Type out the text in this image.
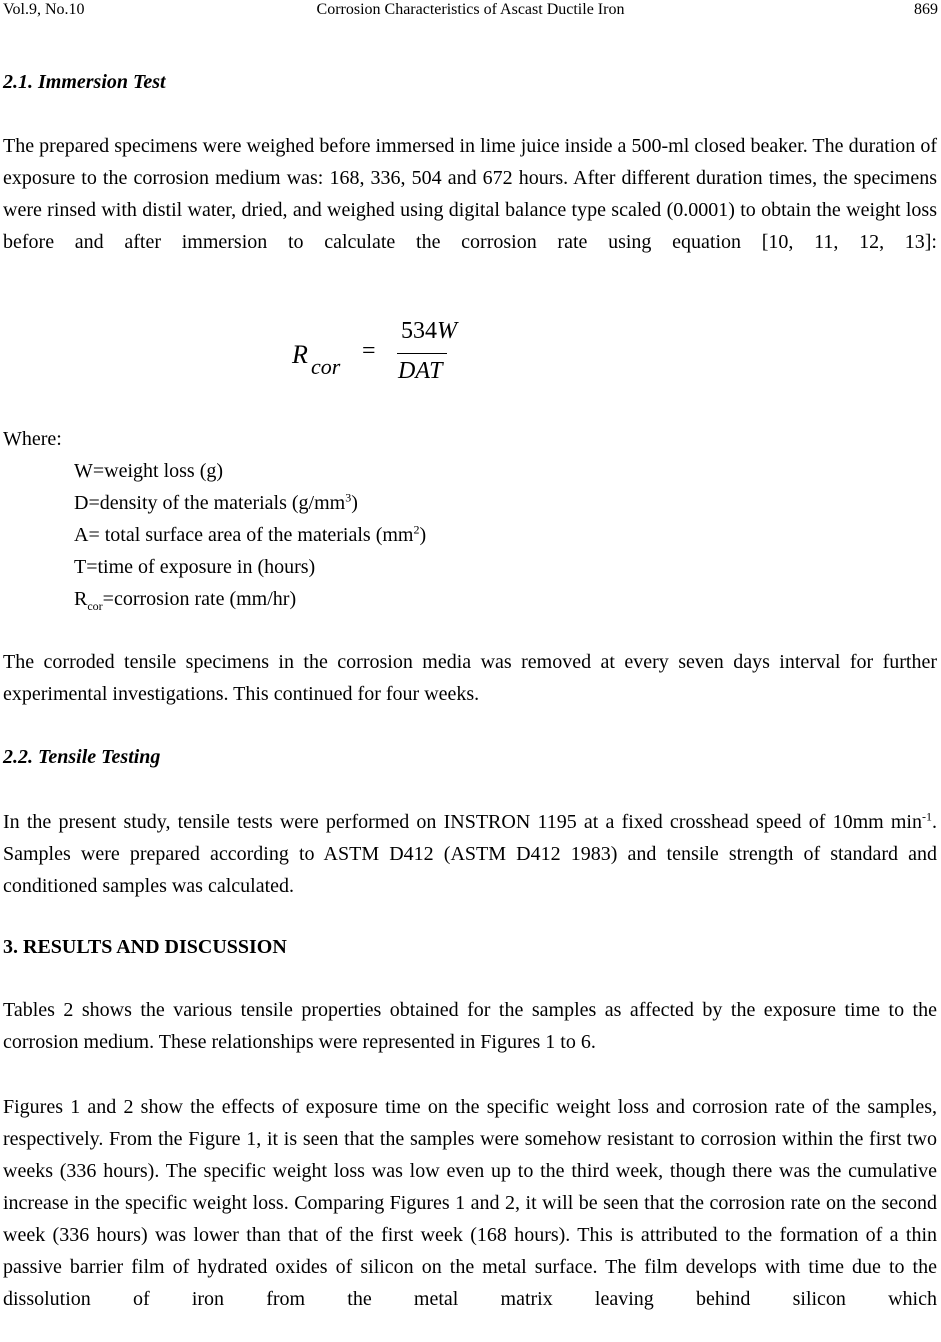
Vol.9, No.10	Corrosion Characteristics of Ascast Ductile Iron	869
2.1. Immersion Test
The prepared specimens were weighed before immersed in lime juice inside a 500-ml closed beaker. The duration of exposure to the corrosion medium was: 168, 336, 504 and 672 hours. After different duration times, the specimens were rinsed with distil water, dried, and weighed using digital balance type scaled (0.0001) to obtain the weight loss before and after immersion to calculate the corrosion rate using equation [10, 11, 12, 13]:
R cor
=
534W
DAT
Where:
W=weight loss (g)
D=density of the materials $(g/mm^3)$
A= total surface area of the materials $(mm^2)$
T=time of exposure in (hours)
$R_{cor}=corrosion$ rate (mm/hr)
The corroded tensile specimens in the corrosion media was removed at every seven days interval for further experimental investigations. This continued for four weeks.
2.2. Tensile Testing
In the present study, tensile tests were performed on INSTRON 1195 at a fixed crosshead speed of 10mm $\min^{-1}$. Samples were prepared according to ASTM D412 (ASTM D412 1983) and tensile strength of standard and conditioned samples was calculated.
3. RESULTS AND DISCUSSION
Tables 2 shows the various tensile properties obtained for the samples as affected by the exposure time to the corrosion medium. These relationships were represented in Figures 1 to 6.
Figures 1 and 2 show the effects of exposure time on the specific weight loss and corrosion rate of the samples, respectively. From the Figure 1, it is seen that the samples were somehow resistant to corrosion within the first two weeks (336 hours). The specific weight loss was low even up to the third week, though there was the cumulative increase in the specific weight loss. Comparing Figures 1 and 2, it will be seen that the corrosion rate on the second week (336 hours) was lower than that of the first week (168 hours). This is attributed to the formation of a thin passive barrier film of hydrated oxides of silicon on the metal surface. The film develops with time due to the dissolution of iron from the metal matrix leaving behind silicon which
